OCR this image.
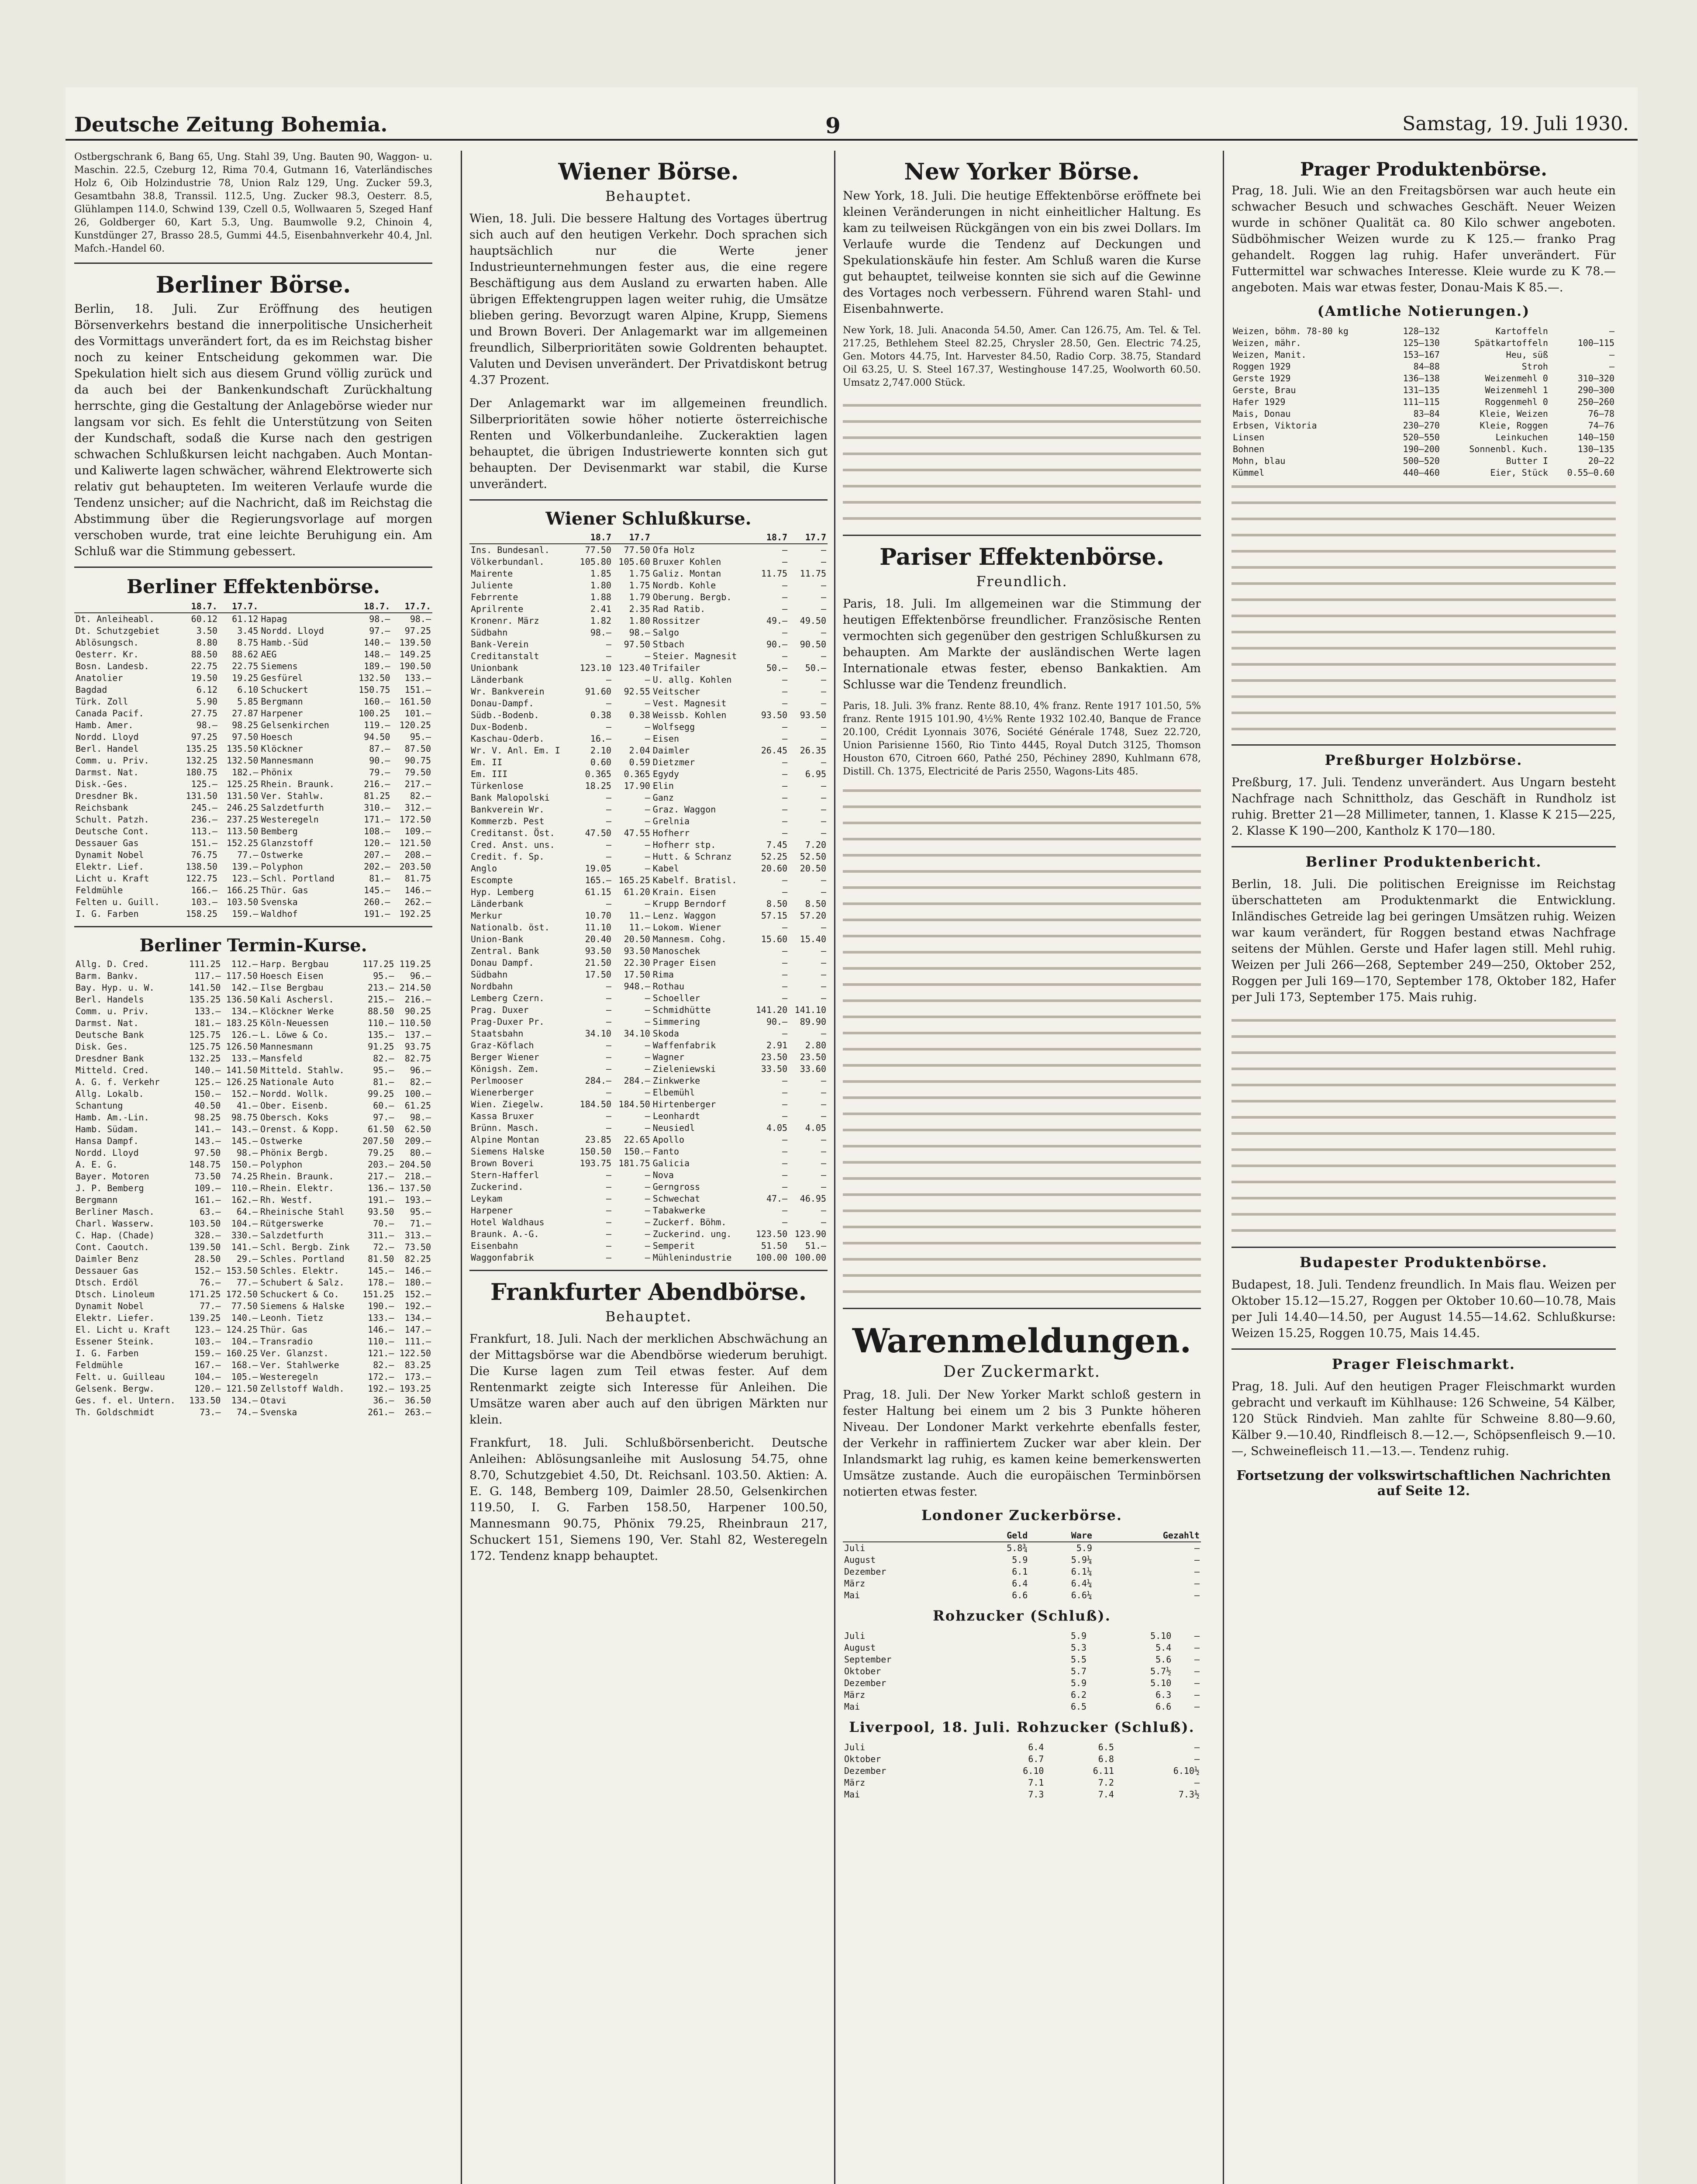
Deutsche Zeitung Bohemia.	9	Samstag, 19. Juli 1930.

Ostbergschrank 6, Bang 65, Ung. Stahl 39, Ung. Bauten 90, Waggon- u. Maschin. 22.5, Czeburg 12, Rima 70.4, Gutmann 16, Vaterländisches Holz 6, Oib Holzindustrie 78, Union Ralz 129, Ung. Zucker 59.3, Gesamtbahn 38.8, Transsil. 112.5, Ung. Zucker 98.3, Oesterr. 8.5, Glühlampen 114.0, Schwind 139, Czell 0.5, Wollwaaren 5, Szeged Hanf 26, Goldberger 60, Kart 5.3, Ung. Baumwolle 9.2, Chinoin 4, Kunstdünger 27, Brasso 28.5, Gummi 44.5, Eisenbahnverkehr 40.4, Jnl. Mafch.-Handel 60.

Berliner Börse.

Berlin, 18. Juli. Zur Eröffnung des heutigen Börsenverkehrs bestand die innerpolitische Unsicherheit des Vormittags unverändert fort, da es im Reichstag bisher noch zu keiner Entscheidung gekommen war. Die Spekulation hielt sich aus diesem Grund völlig zurück und da auch bei der Bankenkundschaft Zurückhaltung herrschte, ging die Gestaltung der Anlagebörse wieder nur langsam vor sich. Es fehlt die Unterstützung von Seiten der Kundschaft, sodaß die Kurse nach den gestrigen schwachen Schlußkursen leicht nachgaben. Auch Montan- und Kaliwerte lagen schwächer, während Elektrowerte sich relativ gut behaupteten. Im weiteren Verlaufe wurde die Tendenz unsicher; auf die Nachricht, daß im Reichstag die Abstimmung über die Regierungsvorlage auf morgen verschoben wurde, trat eine leichte Beruhigung ein. Am Schluß war die Stimmung gebessert.

Berliner Effektenbörse.
	18.7.	17.7.		18.7.	17.7.
Dt. Anleiheabl.	60.12	61.12	Hapag	98.—	98.—
Dt. Schutzgebiet	3.50	3.45	Nordd. Lloyd	97.—	97.25
Ablösungsch.	8.80	8.75	Hamb.-Süd	140.—	139.50
Oesterr. Kr.	88.50	88.62	AEG	148.—	149.25
Bosn. Landesb.	22.75	22.75	Siemens	189.—	190.50
Anatolier	19.50	19.25	Gesfürel	132.50	133.—
Bagdad	6.12	6.10	Schuckert	150.75	151.—
Türk. Zoll	5.90	5.85	Bergmann	160.—	161.50
Canada Pacif.	27.75	27.87	Harpener	100.25	101.—
Hamb. Amer.	98.—	98.25	Gelsenkirchen	119.—	120.25
Nordd. Lloyd	97.25	97.50	Hoesch	94.50	95.—
Berl. Handel	135.25	135.50	Klöckner	87.—	87.50
Comm. u. Priv.	132.25	132.50	Mannesmann	90.—	90.75
Darmst. Nat.	180.75	182.—	Phönix	79.—	79.50
Disk.-Ges.	125.—	125.25	Rhein. Braunk.	216.—	217.—
Dresdner Bk.	131.50	131.50	Ver. Stahlw.	81.25	82.—
Reichsbank	245.—	246.25	Salzdetfurth	310.—	312.—
Schult. Patzh.	236.—	237.25	Westeregeln	171.—	172.50
Deutsche Cont.	113.—	113.50	Bemberg	108.—	109.—
Dessauer Gas	151.—	152.25	Glanzstoff	120.—	121.50
Dynamit Nobel	76.75	77.—	Ostwerke	207.—	208.—
Elektr. Lief.	138.50	139.—	Polyphon	202.—	203.50
Licht u. Kraft	122.75	123.—	Schl. Portland	81.—	81.75
Feldmühle	166.—	166.25	Thür. Gas	145.—	146.—
Felten u. Guill.	103.—	103.50	Svenska	260.—	262.—
I. G. Farben	158.25	159.—	Waldhof	191.—	192.25
Berliner Termin-Kurse.
Allg. D. Cred.	111.25	112.—	Harp. Bergbau	117.25	119.25
Barm. Bankv.	117.—	117.50	Hoesch Eisen	95.—	96.—
Bay. Hyp. u. W.	141.50	142.—	Ilse Bergbau	213.—	214.50
Berl. Handels	135.25	136.50	Kali Aschersl.	215.—	216.—
Comm. u. Priv.	133.—	134.—	Klöckner Werke	88.50	90.25
Darmst. Nat.	181.—	183.25	Köln-Neuessen	110.—	110.50
Deutsche Bank	125.75	126.—	L. Löwe & Co.	135.—	137.—
Disk. Ges.	125.75	126.50	Mannesmann	91.25	93.75
Dresdner Bank	132.25	133.—	Mansfeld	82.—	82.75
Mitteld. Cred.	140.—	141.50	Mitteld. Stahlw.	95.—	96.—
A. G. f. Verkehr	125.—	126.25	Nationale Auto	81.—	82.—
Allg. Lokalb.	150.—	152.—	Nordd. Wollk.	99.25	100.—
Schantung	40.50	41.—	Ober. Eisenb.	60.—	61.25
Hamb. Am.-Lin.	98.25	98.75	Obersch. Koks	97.—	98.—
Hamb. Südam.	141.—	143.—	Orenst. & Kopp.	61.50	62.50
Hansa Dampf.	143.—	145.—	Ostwerke	207.50	209.—
Nordd. Lloyd	97.50	98.—	Phönix Bergb.	79.25	80.—
A. E. G.	148.75	150.—	Polyphon	203.—	204.50
Bayer. Motoren	73.50	74.25	Rhein. Braunk.	217.—	218.—
J. P. Bemberg	109.—	110.—	Rhein. Elektr.	136.—	137.50
Bergmann	161.—	162.—	Rh. Westf.	191.—	193.—
Berliner Masch.	63.—	64.—	Rheinische Stahl	93.50	95.—
Charl. Wasserw.	103.50	104.—	Rütgerswerke	70.—	71.—
C. Hap. (Chade)	328.—	330.—	Salzdetfurth	311.—	313.—
Cont. Caoutch.	139.50	141.—	Schl. Bergb. Zink	72.—	73.50
Daimler Benz	28.50	29.—	Schles. Portland	81.50	82.25
Dessauer Gas	152.—	153.50	Schles. Elektr.	145.—	146.—
Dtsch. Erdöl	76.—	77.—	Schubert & Salz.	178.—	180.—
Dtsch. Linoleum	171.25	172.50	Schuckert & Co.	151.25	152.—
Dynamit Nobel	77.—	77.50	Siemens & Halske	190.—	192.—
Elektr. Liefer.	139.25	140.—	Leonh. Tietz	133.—	134.—
El. Licht u. Kraft	123.—	124.25	Thür. Gas	146.—	147.—
Essener Steink.	103.—	104.—	Transradio	110.—	111.—
I. G. Farben	159.—	160.25	Ver. Glanzst.	121.—	122.50
Feldmühle	167.—	168.—	Ver. Stahlwerke	82.—	83.25
Felt. u. Guilleau	104.—	105.—	Westeregeln	172.—	173.—
Gelsenk. Bergw.	120.—	121.50	Zellstoff Waldh.	192.—	193.25
Ges. f. el. Untern.	133.50	134.—	Otavi	36.—	36.50
Th. Goldschmidt	73.—	74.—	Svenska	261.—	263.—
Wiener Börse.
Behauptet.

Wien, 18. Juli. Die bessere Haltung des Vortages übertrug sich auch auf den heutigen Verkehr. Doch sprachen sich hauptsächlich nur die Werte jener Industrieunternehmungen fester aus, die eine regere Beschäftigung aus dem Ausland zu erwarten haben. Alle übrigen Effektengruppen lagen weiter ruhig, die Umsätze blieben gering. Bevorzugt waren Alpine, Krupp, Siemens und Brown Boveri. Der Anlagemarkt war im allgemeinen freundlich, Silberprioritäten sowie Goldrenten behauptet. Valuten und Devisen unverändert. Der Privatdiskont betrug 4.37 Prozent.

Der Anlagemarkt war im allgemeinen freundlich. Silberprioritäten sowie höher notierte österreichische Renten und Völkerbundanleihe. Zuckeraktien lagen behauptet, die übrigen Industriewerte konnten sich gut behaupten. Der Devisenmarkt war stabil, die Kurse unverändert.

Wiener Schlußkurse.
	18.7	17.7		18.7	17.7
Ins. Bundesanl.	77.50	77.50	Ofa Holz	—	—
Völkerbundanl.	105.80	105.60	Bruxer Kohlen	—	—
Mairente	1.85	1.75	Galiz. Montan	11.75	11.75
Juliente	1.80	1.75	Nordb. Kohle	—	—
Febrrente	1.88	1.79	Oberung. Bergb.	—	—
Aprilrente	2.41	2.35	Rad Ratib.	—	—
Kronenr. März	1.82	1.80	Rossitzer	49.—	49.50
Südbahn	98.—	98.—	Salgo	—	—
Bank-Verein	—	97.50	Stbach	90.—	90.50
Creditanstalt	—	—	Steier. Magnesit	—	—
Unionbank	123.10	123.40	Trifailer	50.—	50.—
Länderbank	—	—	U. allg. Kohlen	—	—
Wr. Bankverein	91.60	92.55	Veitscher	—	—
Donau-Dampf.	—	—	Vest. Magnesit	—	—
Südb.-Bodenb.	0.38	0.38	Weissb. Kohlen	93.50	93.50
Dux-Bodenb.	—	—	Wolfsegg	—	—
Kaschau-Oderb.	16.—	—	Eisen	—	—
Wr. V. Anl. Em. I	2.10	2.04	Daimler	26.45	26.35
Em. II	0.60	0.59	Dietzmer	—	—
Em. III	0.365	0.365	Egydy	—	6.95
Türkenlose	18.25	17.90	Elin	—	—
Bank Malopolski	—	—	Ganz	—	—
Bankverein Wr.	—	—	Graz. Waggon	—	—
Kommerzb. Pest	—	—	Grelnia	—	—
Creditanst. Öst.	47.50	47.55	Hofherr	—	—
Cred. Anst. uns.	—	—	Hofherr stp.	7.45	7.20
Credit. f. Sp.	—	—	Hutt. & Schranz	52.25	52.50
Anglo	19.05	—	Kabel	20.60	20.50
Escompte	165.—	165.25	Kabelf. Bratisl.	—	—
Hyp. Lemberg	61.15	61.20	Krain. Eisen	—	—
Länderbank	—	—	Krupp Berndorf	8.50	8.50
Merkur	10.70	11.—	Lenz. Waggon	57.15	57.20
Nationalb. öst.	11.10	11.—	Lokom. Wiener	—	—
Union-Bank	20.40	20.50	Mannesm. Cohg.	15.60	15.40
Zentral. Bank	93.50	93.50	Manoschek	—	—
Donau Dampf.	21.50	22.30	Prager Eisen	—	—
Südbahn	17.50	17.50	Rima	—	—
Nordbahn	—	948.—	Rothau	—	—
Lemberg Czern.	—	—	Schoeller	—	—
Prag. Duxer	—	—	Schmidhütte	141.20	141.10
Prag-Duxer Pr.	—	—	Simmering	90.—	89.90
Staatsbahn	34.10	34.10	Skoda	—	—
Graz-Köflach	—	—	Waffenfabrik	2.91	2.80
Berger Wiener	—	—	Wagner	23.50	23.50
Königsh. Zem.	—	—	Zieleniewski	33.50	33.60
Perlmooser	284.—	284.—	Zinkwerke	—	—
Wienerberger	—	—	Elbemühl	—	—
Wien. Ziegelw.	184.50	184.50	Hirtenberger	—	—
Kassa Bruxer	—	—	Leonhardt	—	—
Brünn. Masch.	—	—	Neusiedl	4.05	4.05
Alpine Montan	23.85	22.65	Apollo	—	—
Siemens Halske	150.50	150.—	Fanto	—	—
Brown Boveri	193.75	181.75	Galicia	—	—
Stern-Hafferl	—	—	Nova	—	—
Zuckerind.	—	—	Gerngross	—	—
Leykam	—	—	Schwechat	47.—	46.95
Harpener	—	—	Tabakwerke	—	—
Hotel Waldhaus	—	—	Zuckerf. Böhm.	—	—
Braunk. A.-G.	—	—	Zuckerind. ung.	123.50	123.90
Eisenbahn	—	—	Semperit	51.50	51.—
Waggonfabrik	—	—	Mühlenindustrie	100.00	100.00
Frankfurter Abendbörse.
Behauptet.

Frankfurt, 18. Juli. Nach der merklichen Abschwächung an der Mittagsbörse war die Abendbörse wiederum beruhigt. Die Kurse lagen zum Teil etwas fester. Auf dem Rentenmarkt zeigte sich Interesse für Anleihen. Die Umsätze waren aber auch auf den übrigen Märkten nur klein.

Frankfurt, 18. Juli. Schlußbörsenbericht. Deutsche Anleihen: Ablösungsanleihe mit Auslosung 54.75, ohne 8.70, Schutzgebiet 4.50, Dt. Reichsanl. 103.50. Aktien: A. E. G. 148, Bemberg 109, Daimler 28.50, Gelsenkirchen 119.50, I. G. Farben 158.50, Harpener 100.50, Mannesmann 90.75, Phönix 79.25, Rheinbraun 217, Schuckert 151, Siemens 190, Ver. Stahl 82, Westeregeln 172. Tendenz knapp behauptet.

New Yorker Börse.

New York, 18. Juli. Die heutige Effektenbörse eröffnete bei kleinen Veränderungen in nicht einheitlicher Haltung. Es kam zu teilweisen Rückgängen von ein bis zwei Dollars. Im Verlaufe wurde die Tendenz auf Deckungen und Spekulationskäufe hin fester. Am Schluß waren die Kurse gut behauptet, teilweise konnten sie sich auf die Gewinne des Vortages noch verbessern. Führend waren Stahl- und Eisenbahnwerte.

New York, 18. Juli. Anaconda 54.50, Amer. Can 126.75, Am. Tel. & Tel. 217.25, Bethlehem Steel 82.25, Chrysler 28.50, Gen. Electric 74.25, Gen. Motors 44.75, Int. Harvester 84.50, Radio Corp. 38.75, Standard Oil 63.25, U. S. Steel 167.37, Westinghouse 147.25, Woolworth 60.50. Umsatz 2,747.000 Stück.

Pariser Effektenbörse.
Freundlich.

Paris, 18. Juli. Im allgemeinen war die Stimmung der heutigen Effektenbörse freundlicher. Französische Renten vermochten sich gegenüber den gestrigen Schlußkursen zu behaupten. Am Markte der ausländischen Werte lagen Internationale etwas fester, ebenso Bankaktien. Am Schlusse war die Tendenz freundlich.

Paris, 18. Juli. 3% franz. Rente 88.10, 4% franz. Rente 1917 101.50, 5% franz. Rente 1915 101.90, 4½% Rente 1932 102.40, Banque de France 20.100, Crédit Lyonnais 3076, Société Générale 1748, Suez 22.720, Union Parisienne 1560, Rio Tinto 4445, Royal Dutch 3125, Thomson Houston 670, Citroen 660, Pathé 250, Péchiney 2890, Kuhlmann 678, Distill. Ch. 1375, Electricité de Paris 2550, Wagons-Lits 485.

Warenmeldungen.
Der Zuckermarkt.

Prag, 18. Juli. Der New Yorker Markt schloß gestern in fester Haltung bei einem um 2 bis 3 Punkte höheren Niveau. Der Londoner Markt verkehrte ebenfalls fester, der Verkehr in raffiniertem Zucker war aber klein. Der Inlandsmarkt lag ruhig, es kamen keine bemerkenswerten Umsätze zustande. Auch die europäischen Terminbörsen notierten etwas fester.

Londoner Zuckerbörse.
	Geld	Ware	Gezahlt
Juli	5.8¾	5.9	—
August	5.9	5.9¼	—
Dezember	6.1	6.1¼	—
März	6.4	6.4¼	—
Mai	6.6	6.6¼	—
Rohzucker (Schluß).
Juli	5.9	5.10	—
August	5.3	5.4	—
September	5.5	5.6	—
Oktober	5.7	5.7½	—
Dezember	5.9	5.10	—
März	6.2	6.3	—
Mai	6.5	6.6	—
Liverpool, 18. Juli. Rohzucker (Schluß).
Juli	6.4	6.5	—
Oktober	6.7	6.8	—
Dezember	6.10	6.11	6.10½
März	7.1	7.2	—
Mai	7.3	7.4	7.3½
Prager Produktenbörse.

Prag, 18. Juli. Wie an den Freitagsbörsen war auch heute ein schwacher Besuch und schwaches Geschäft. Neuer Weizen wurde in schöner Qualität ca. 80 Kilo schwer angeboten. Südböhmischer Weizen wurde zu K 125.— franko Prag gehandelt. Roggen lag ruhig. Hafer unverändert. Für Futtermittel war schwaches Interesse. Kleie wurde zu K 78.— angeboten. Mais war etwas fester, Donau-Mais K 85.—.

(Amtliche Notierungen.)
Weizen, böhm. 78-80 kg	128—132	Kartoffeln	—
Weizen, mähr.	125—130	Spätkartoffeln	100—115
Weizen, Manit.	153—167	Heu, süß	—
Roggen 1929	84—88	Stroh	—
Gerste 1929	136—138	Weizenmehl 0	310—320
Gerste, Brau	131—135	Weizenmehl 1	290—300
Hafer 1929	111—115	Roggenmehl 0	250—260
Mais, Donau	83—84	Kleie, Weizen	76—78
Erbsen, Viktoria	230—270	Kleie, Roggen	74—76
Linsen	520—550	Leinkuchen	140—150
Bohnen	190—200	Sonnenbl. Kuch.	130—135
Mohn, blau	500—520	Butter I	20—22
Kümmel	440—460	Eier, Stück	0.55—0.60
Preßburger Holzbörse.

Preßburg, 17. Juli. Tendenz unverändert. Aus Ungarn besteht Nachfrage nach Schnittholz, das Geschäft in Rundholz ist ruhig. Bretter 21—28 Millimeter, tannen, 1. Klasse K 215—225, 2. Klasse K 190—200, Kantholz K 170—180.

Berliner Produktenbericht.

Berlin, 18. Juli. Die politischen Ereignisse im Reichstag überschatteten am Produktenmarkt die Entwicklung. Inländisches Getreide lag bei geringen Umsätzen ruhig. Weizen war kaum verändert, für Roggen bestand etwas Nachfrage seitens der Mühlen. Gerste und Hafer lagen still. Mehl ruhig. Weizen per Juli 266—268, September 249—250, Oktober 252, Roggen per Juli 169—170, September 178, Oktober 182, Hafer per Juli 173, September 175. Mais ruhig.

Budapester Produktenbörse.

Budapest, 18. Juli. Tendenz freundlich. In Mais flau. Weizen per Oktober 15.12—15.27, Roggen per Oktober 10.60—10.78, Mais per Juli 14.40—14.50, per August 14.55—14.62. Schlußkurse: Weizen 15.25, Roggen 10.75, Mais 14.45.

Prager Fleischmarkt.

Prag, 18. Juli. Auf den heutigen Prager Fleischmarkt wurden gebracht und verkauft im Kühlhause: 126 Schweine, 54 Kälber, 120 Stück Rindvieh. Man zahlte für Schweine 8.80—9.60, Kälber 9.—10.40, Rindfleisch 8.—12.—, Schöpsenfleisch 9.—10.—, Schweinefleisch 11.—13.—. Tendenz ruhig.

Fortsetzung der volkswirtschaftlichen Nachrichten auf Seite 12.
